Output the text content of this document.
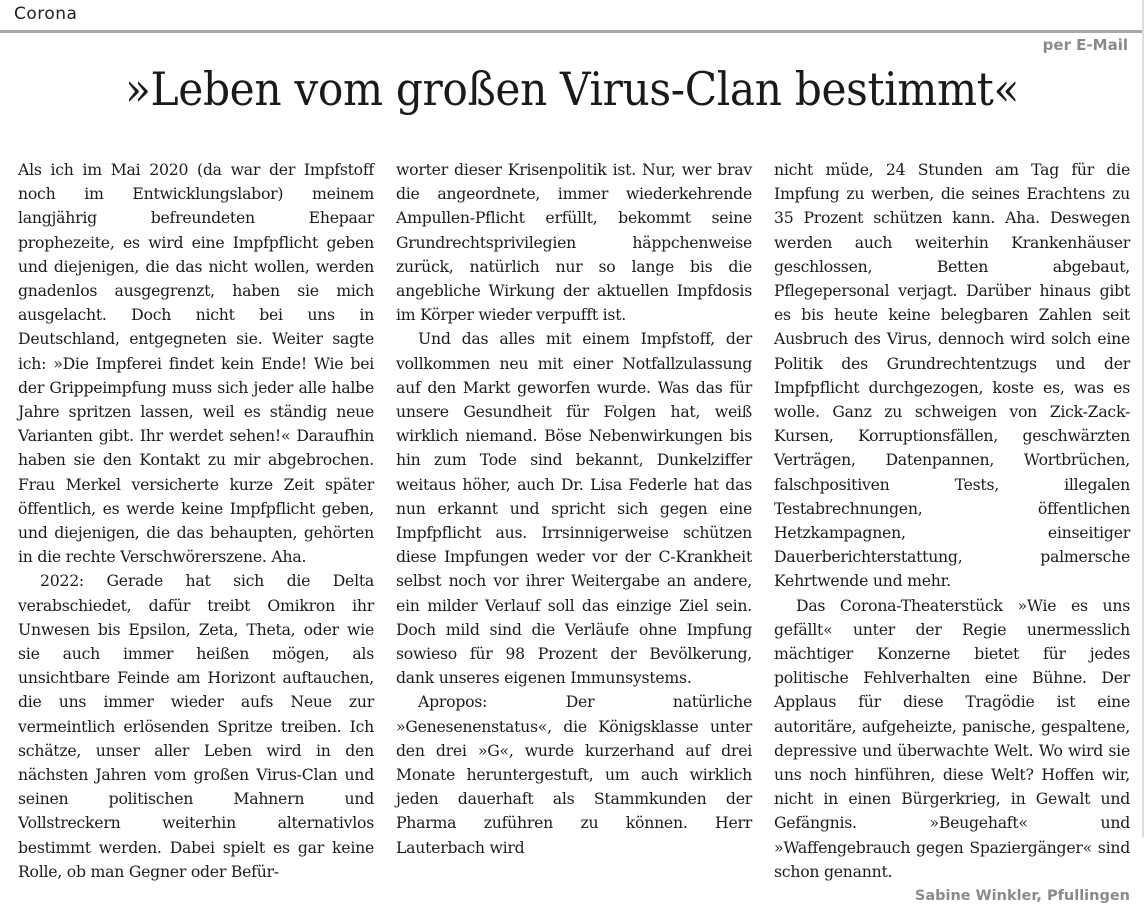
Corona
per E-Mail
»Leben vom großen Virus-Clan bestimmt«

Als ich im Mai 2020 (da war der Impfstoff noch im Entwicklungslabor) meinem langjährig befreundeten Ehepaar prophezeite, es wird eine Impfpflicht geben und diejenigen, die das nicht wollen, werden gnadenlos ausgegrenzt, haben sie mich ausgelacht. Doch nicht bei uns in Deutschland, entgegneten sie. Weiter sagte ich: »Die Impferei findet kein Ende! Wie bei der Grippeimpfung muss sich jeder alle halbe Jahre spritzen lassen, weil es ständig neue Varianten gibt. Ihr werdet sehen!« Daraufhin haben sie den Kontakt zu mir abgebrochen. Frau Merkel versicherte kurze Zeit später öffentlich, es werde keine Impfpflicht geben, und diejenigen, die das behaupten, gehörten in die rechte Verschwörerszene. Aha.

2022: Gerade hat sich die Delta verabschiedet, dafür treibt Omikron ihr Unwesen bis Epsilon, Zeta, Theta, oder wie sie auch immer heißen mögen, als unsichtbare Feinde am Horizont auftauchen, die uns immer wieder aufs Neue zur vermeintlich erlösenden Spritze treiben. Ich schätze, unser aller Leben wird in den nächsten Jahren vom großen Virus-Clan und seinen politischen Mahnern und Vollstreckern weiterhin alternativlos bestimmt werden. Dabei spielt es gar keine Rolle, ob man Gegner oder Befür-

worter dieser Krisenpolitik ist. Nur, wer brav die angeordnete, immer wiederkehrende Ampullen-Pflicht erfüllt, bekommt seine Grundrechtsprivilegien häppchenweise zurück, natürlich nur so lange bis die angebliche Wirkung der aktuellen Impfdosis im Körper wieder verpufft ist.

Und das alles mit einem Impfstoff, der vollkommen neu mit einer Notfallzulassung auf den Markt geworfen wurde. Was das für unsere Gesundheit für Folgen hat, weiß wirklich niemand. Böse Nebenwirkungen bis hin zum Tode sind bekannt, Dunkelziffer weitaus höher, auch Dr. Lisa Federle hat das nun erkannt und spricht sich gegen eine Impfpflicht aus. Irrsinnigerweise schützen diese Impfungen weder vor der C-Krankheit selbst noch vor ihrer Weitergabe an andere, ein milder Verlauf soll das einzige Ziel sein. Doch mild sind die Verläufe ohne Impfung sowieso für 98 Prozent der Bevölkerung, dank unseres eigenen Immunsystems.

Apropos: Der natürliche »Genesenenstatus«, die Königsklasse unter den drei »G«, wurde kurzerhand auf drei Monate heruntergestuft, um auch wirklich jeden dauerhaft als Stammkunden der Pharma zuführen zu können. Herr Lauterbach wird

nicht müde, 24 Stunden am Tag für die Impfung zu werben, die seines Erachtens zu 35 Prozent schützen kann. Aha. Deswegen werden auch weiterhin Krankenhäuser geschlossen, Betten abgebaut, Pflegepersonal verjagt. Darüber hinaus gibt es bis heute keine belegbaren Zahlen seit Ausbruch des Virus, dennoch wird solch eine Politik des Grundrechtentzugs und der Impfpflicht durchgezogen, koste es, was es wolle. Ganz zu schweigen von Zick-Zack-Kursen, Korruptionsfällen, geschwärzten Verträgen, Datenpannen, Wortbrüchen, falschpositiven Tests, illegalen Testabrechnungen, öffentlichen Hetzkampagnen, einseitiger Dauerberichterstattung, palmersche Kehrtwende und mehr.

Das Corona-Theaterstück »Wie es uns gefällt« unter der Regie unermesslich mächtiger Konzerne bietet für jedes politische Fehlverhalten eine Bühne. Der Applaus für diese Tragödie ist eine autoritäre, aufgeheizte, panische, gespaltene, depressive und überwachte Welt. Wo wird sie uns noch hinführen, diese Welt? Hoffen wir, nicht in einen Bürgerkrieg, in Gewalt und Gefängnis. »Beugehaft« und »Waffengebrauch gegen Spaziergänger« sind schon genannt.

Sabine Winkler, Pfullingen
